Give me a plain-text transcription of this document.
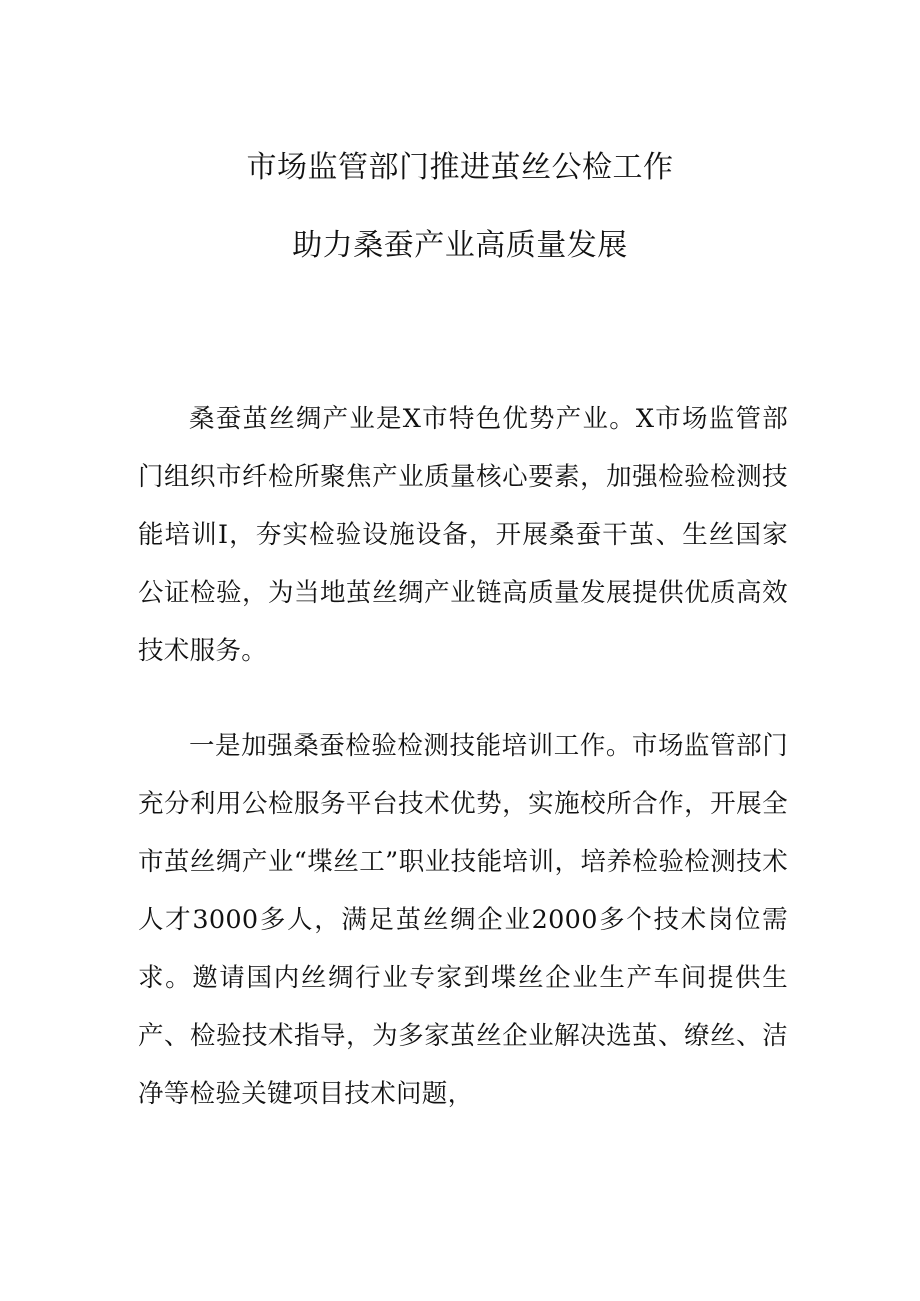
市场监管部门推进茧丝公检工作
助力桑蚕产业高质量发展

桑蚕茧丝绸产业是X市特色优势产业。X市场监管部门组织市纤检所聚焦产业质量核心要素，加强检验检测技能培训I，夯实检验设施设备，开展桑蚕干茧、生丝国家公证检验，为当地茧丝绸产业链高质量发展提供优质高效技术服务。

一是加强桑蚕检验检测技能培训工作。市场监管部门充分利用公检服务平台技术优势，实施校所合作，开展全市茧丝绸产业“堞丝工”职业技能培训，培养检验检测技术人才3000多人，满足茧丝绸企业2000多个技术岗位需求。邀请国内丝绸行业专家到堞丝企业生产车间提供生产、检验技术指导，为多家茧丝企业解决选茧、缭丝、洁净等检验关键项目技术问题，
